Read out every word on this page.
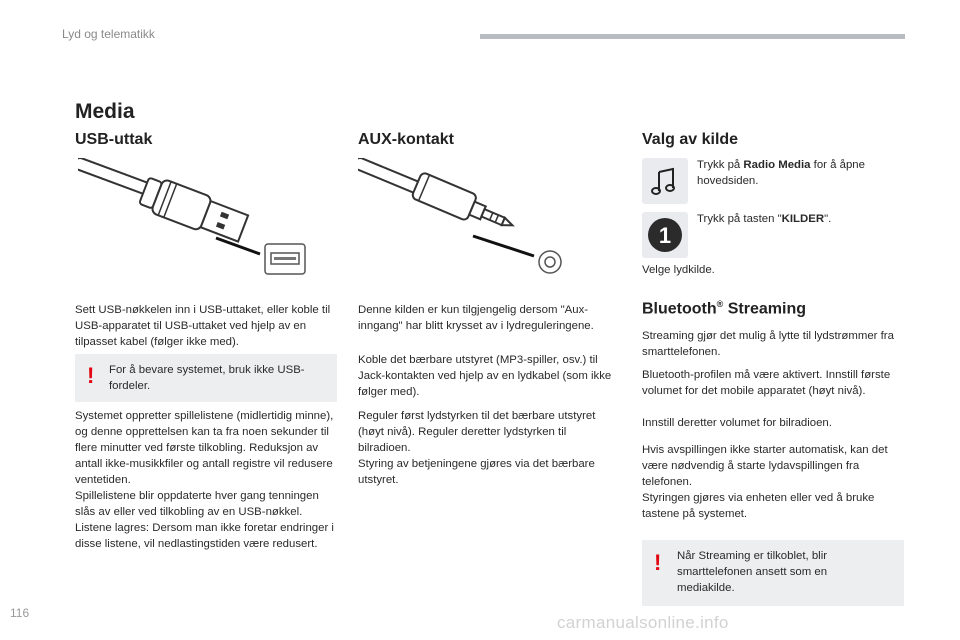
Lyd og telematikk
Media
USB-uttak
Sett USB-nøkkelen inn i USB-uttaket, eller koble til USB-apparatet til USB-uttaket ved hjelp av en tilpasset kabel (følger ikke med).
! For å bevare systemet, bruk ikke USB-fordeler.
Systemet oppretter spillelistene (midlertidig minne), og denne opprettelsen kan ta fra noen sekunder til flere minutter ved første tilkobling. Reduksjon av antall ikke-musikkfiler og antall registre vil redusere ventetiden.
Spillelistene blir oppdaterte hver gang tenningen slås av eller ved tilkobling av en USB-nøkkel. Listene lagres: Dersom man ikke foretar endringer i disse listene, vil nedlastingstiden være redusert.
AUX-kontakt
Denne kilden er kun tilgjengelig dersom "Aux-inngang" har blitt krysset av i lydreguleringene.
Koble det bærbare utstyret (MP3-spiller, osv.) til Jack-kontakten ved hjelp av en lydkabel (som ikke følger med).
Reguler først lydstyrken til det bærbare utstyret (høyt nivå). Reguler deretter lydstyrken til bilradioen.
Styring av betjeningene gjøres via det bærbare utstyret.
Valg av kilde
Trykk på Radio Media for å åpne hovedsiden.
1
Trykk på tasten "KILDER".
Velge lydkilde.
Bluetooth® Streaming
Streaming gjør det mulig å lytte til lydstrømmer fra smarttelefonen.
Bluetooth-profilen må være aktivert. Innstill første volumet for det mobile apparatet (høyt nivå).
Innstill deretter volumet for bilradioen.
Hvis avspillingen ikke starter automatisk, kan det være nødvendig å starte lydavspillingen fra telefonen.
Styringen gjøres via enheten eller ved å bruke tastene på systemet.
! Når Streaming er tilkoblet, blir smarttelefonen ansett som en mediakilde.
116	carmanualsonline.info
